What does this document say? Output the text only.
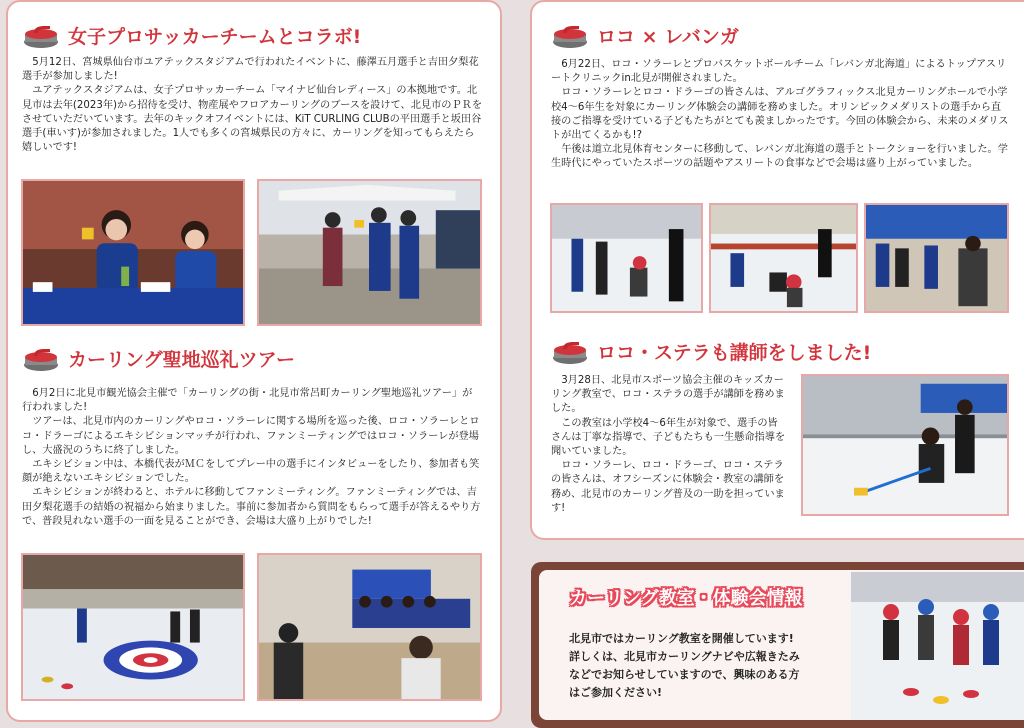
女子プロサッカーチームとコラボ!

5月12日、宮城県仙台市ユアテックスタジアムで行われたイベントに、藤澤五月選手と吉田夕梨花選手が参加しました!

ユアテックスタジアムは、女子プロサッカーチーム「マイナビ仙台レディース」の本拠地です。北見市は去年(2023年)から招待を受け、物産展やフロアカーリングのブースを設けて、北見市のＰＲをさせていただいています。去年のキックオフイベントには、KiT CURLING CLUBの平田選手と坂田谷選手(車いす)が参加されました。1人でも多くの宮城県民の方々に、カーリングを知ってもらえたら嬉しいです!

カーリング聖地巡礼ツアー

6月2日に北見市観光協会主催で「カーリングの街・北見市常呂町カーリング聖地巡礼ツアー」が行われました!

ツアーは、北見市内のカーリングやロコ・ソラーレに関する場所を巡った後、ロコ・ソラーレとロコ・ドラーゴによるエキシビションマッチが行われ、ファンミーティングではロコ・ソラーレが登場し、大盛況のうちに終了しました。

エキシビション中は、本橋代表がＭＣをしてプレー中の選手にインタビューをしたり、参加者も笑顔が絶えないエキシビションでした。

エキシビションが終わると、ホテルに移動してファンミーティング。ファンミーティングでは、吉田夕梨花選手の結婚の祝福から始まりました。事前に参加者から質問をもらって選手が答えるやり方で、普段見れない選手の一面を見ることができ、会場は大盛り上がりでした!

ロコ × レバンガ

6月22日、ロコ・ソラーレとプロバスケットボールチーム「レバンガ北海道」によるトップアスリートクリニックin北見が開催されました。

ロコ・ソラーレとロコ・ドラーゴの皆さんは、アルゴグラフィックス北見カーリングホールで小学校4～6年生を対象にカーリング体験会の講師を務めました。オリンピックメダリストの選手から直接のご指導を受けている子どもたちがとても羨ましかったです。今回の体験会から、未来のメダリストが出てくるかも!?

午後は道立北見体育センターに移動して、レバンガ北海道の選手とトークショーを行いました。学生時代にやっていたスポーツの話題やアスリートの食事などで会場は盛り上がっていました。

ロコ・ステラも講師をしました!

3月28日、北見市スポーツ協会主催のキッズカーリング教室で、ロコ・ステラの選手が講師を務めました。

この教室は小学校4～6年生が対象で、選手の皆さんは丁寧な指導で、子どもたちも一生懸命指導を聞いていました。

ロコ・ソラーレ、ロコ・ドラーゴ、ロコ・ステラの皆さんは、オフシーズンに体験会・教室の講師を務め、北見市のカーリング普及の一助を担っています!

カーリング教室・体験会情報
北見市ではカーリング教室を開催しています!
詳しくは、北見市カーリングナビや広報きたみ
などでお知らせしていますので、興味のある方
はご参加ください!
